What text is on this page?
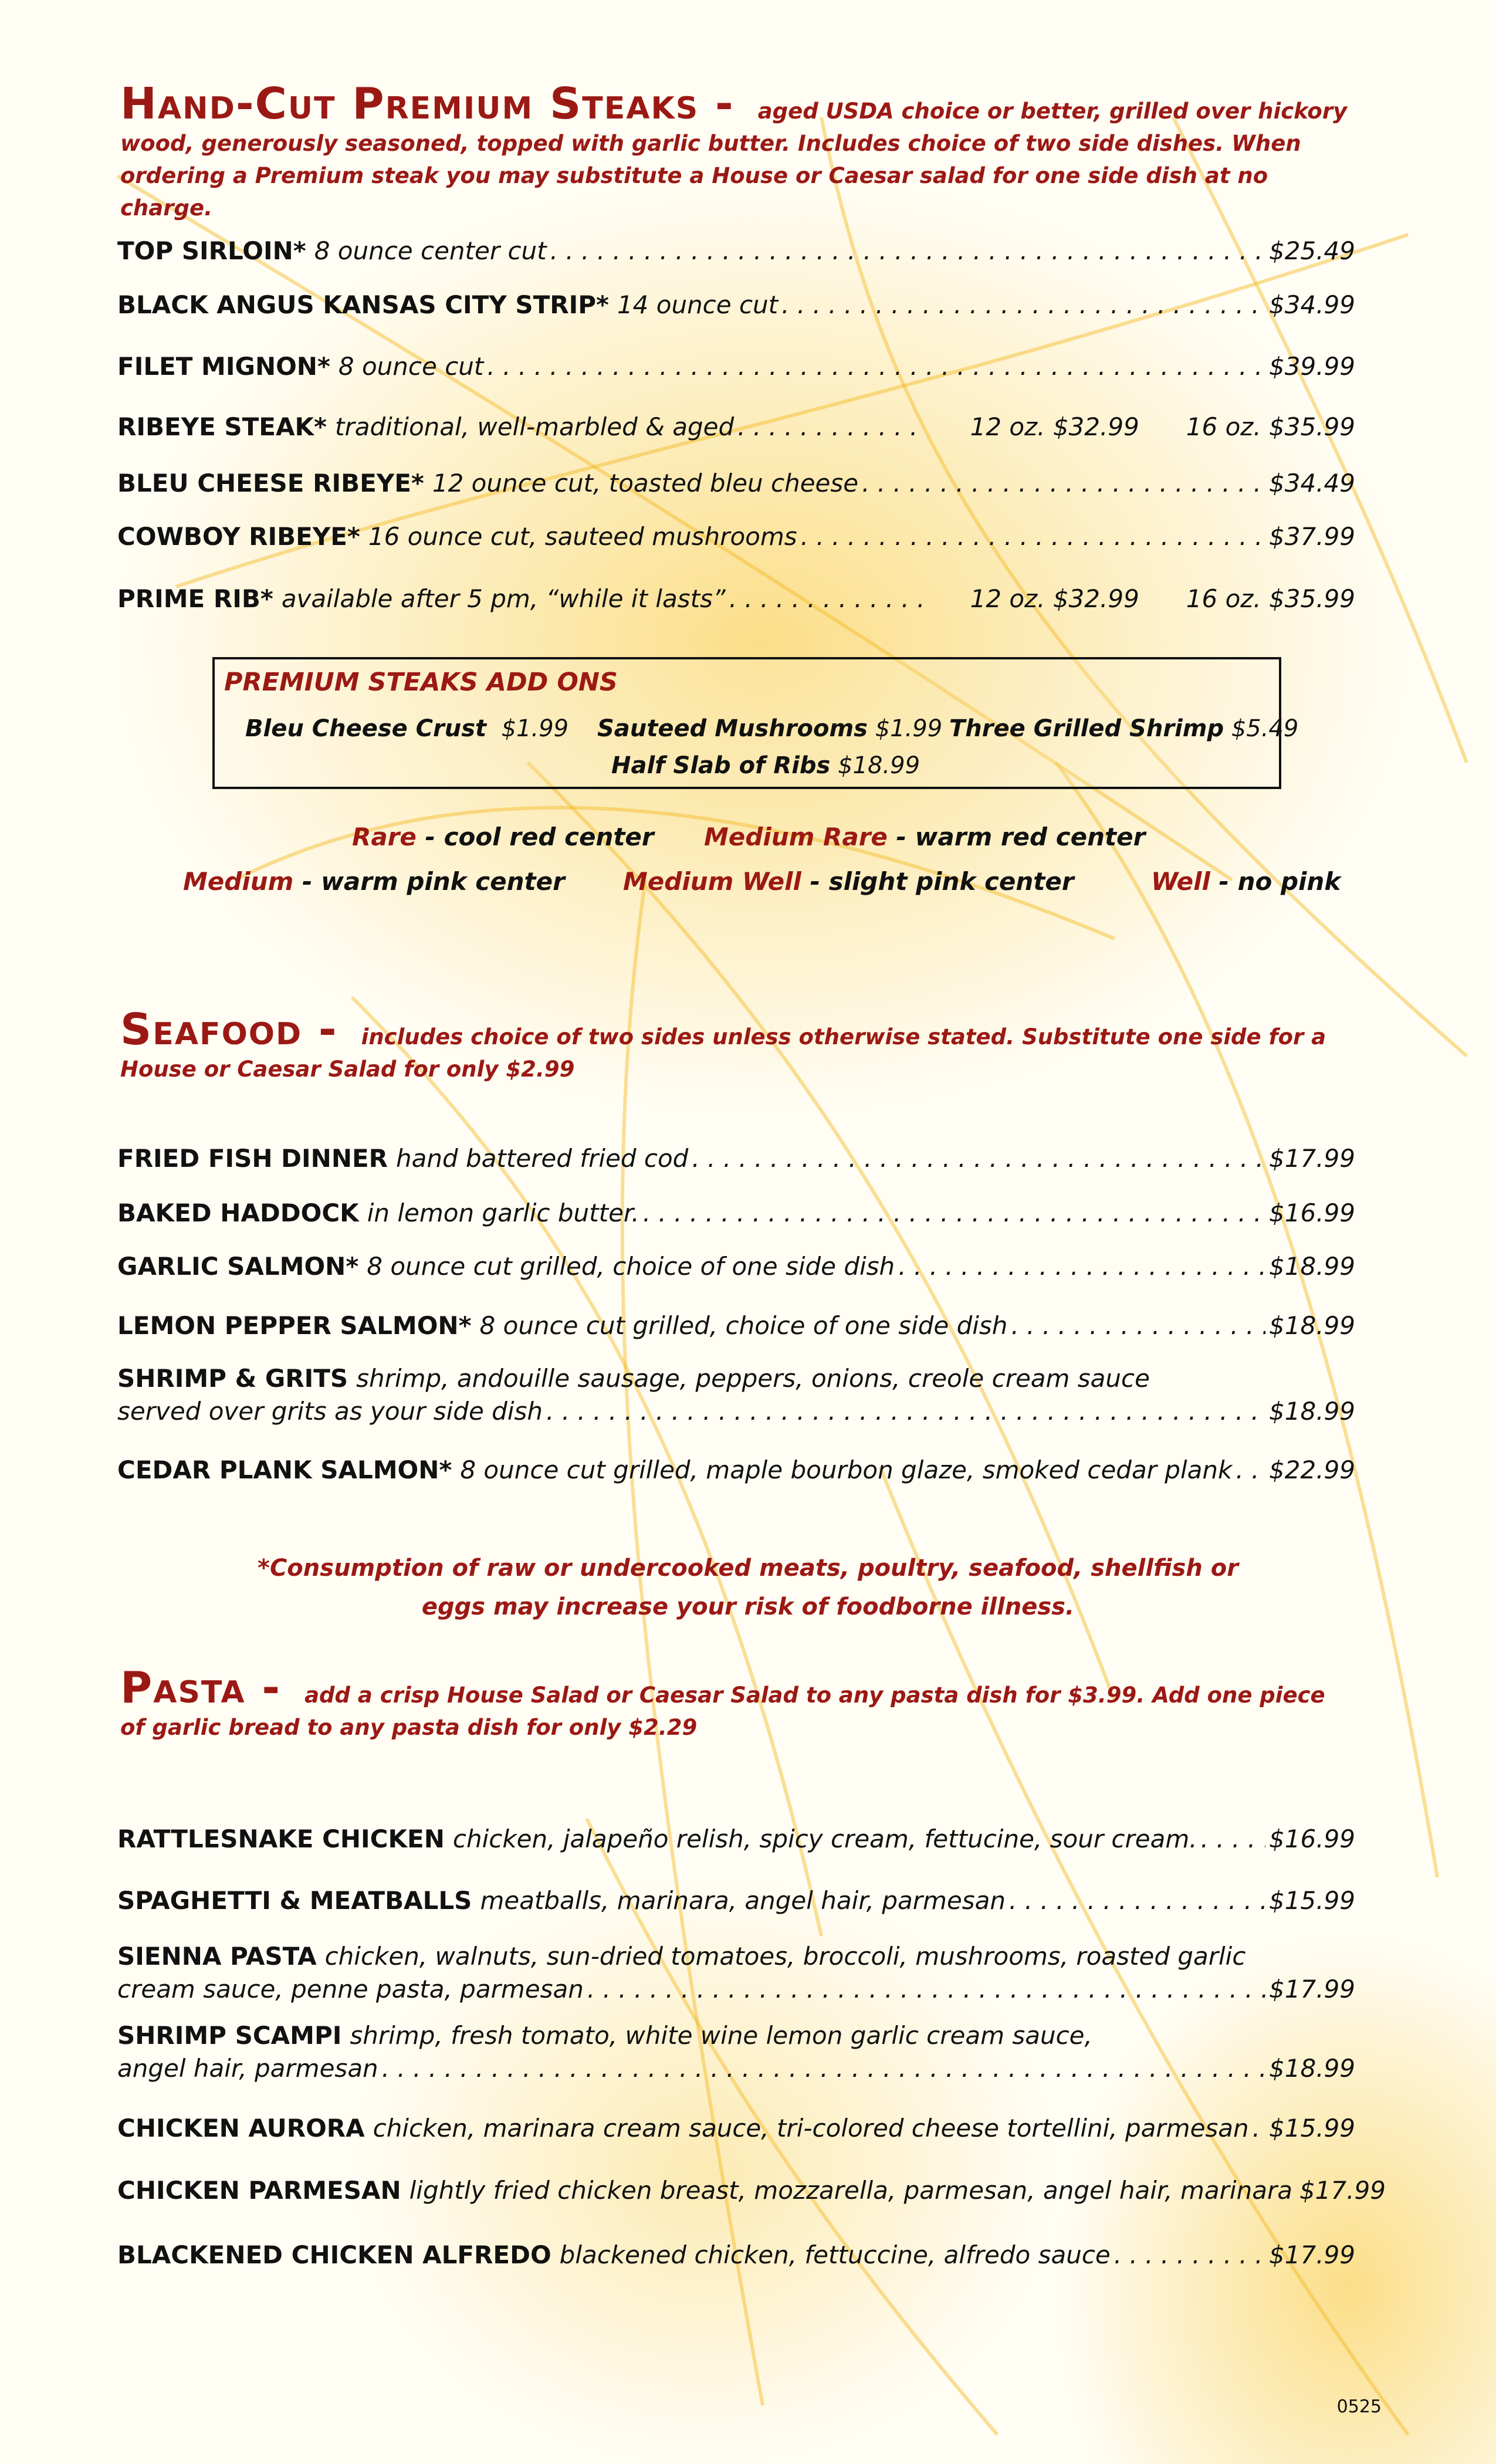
Hand-Cut Premium Steaks - aged USDA choice or better, grilled over hickory wood, generously seasoned, topped with garlic butter. Includes choice of two side dishes. When ordering a Premium steak you may substitute a House or Caesar salad for one side dish at no charge.
TOP SIRLOIN* 8 ounce center cut . . .	$25.49
BLACK ANGUS KANSAS CITY STRIP* 14 ounce cut . . .	$34.99
FILET MIGNON* 8 ounce cut . . .	$39.99
RIBEYE STEAK* traditional, well-marbled & aged . . .	12 oz. $32.99 16 oz. $35.99
BLEU CHEESE RIBEYE* 12 ounce cut, toasted bleu cheese . . .	$34.49
COWBOY RIBEYE* 16 ounce cut, sauteed mushrooms . . .	$37.99
PRIME RIB* available after 5 pm, “while it lasts” . . .	12 oz. $32.99 16 oz. $35.99
PREMIUM STEAKS ADD ONS
Bleu Cheese Crust $1.99 Sauteed Mushrooms $1.99 Three Grilled Shrimp $5.49
Half Slab of Ribs $18.99
Rare - cool red center Medium Rare - warm red center
Medium - warm pink center Medium Well - slight pink center	Well - no pink
Seafood - includes choice of two sides unless otherwise stated. Substitute one side for a House or Caesar Salad for only $2.99
FRIED FISH DINNER hand battered fried cod . . .	$17.99
BAKED HADDOCK in lemon garlic butter. . . .	$16.99
GARLIC SALMON* 8 ounce cut grilled, choice of one side dish . . .	$18.99
LEMON PEPPER SALMON* 8 ounce cut grilled, choice of one side dish . . .	$18.99
SHRIMP & GRITS shrimp, andouille sausage, peppers, onions, creole cream sauce
served over grits as your side dish . . .	$18.99
CEDAR PLANK SALMON* 8 ounce cut grilled, maple bourbon glaze, smoked cedar plank . . . $22.99
*Consumption of raw or undercooked meats, poultry, seafood, shellfish or eggs may increase your risk of foodborne illness.
Pasta - add a crisp House Salad or Caesar Salad to any pasta dish for $3.99. Add one piece of garlic bread to any pasta dish for only $2.29
RATTLESNAKE CHICKEN chicken, jalapeño relish, spicy cream, fettucine, sour cream. . . .	$16.99
SPAGHETTI & MEATBALLS meatballs, marinara, angel hair, parmesan . . .	$15.99
SIENNA PASTA chicken, walnuts, sun-dried tomatoes, broccoli, mushrooms, roasted garlic
cream sauce, penne pasta, parmesan . . .	$17.99
SHRIMP SCAMPI shrimp, fresh tomato, white wine lemon garlic cream sauce,
angel hair, parmesan . . .	$18.99
CHICKEN AURORA chicken, marinara cream sauce, tri-colored cheese tortellini, parmesan . . . $15.99
CHICKEN PARMESAN lightly fried chicken breast, mozzarella, parmesan, angel hair, marinara $17.99
BLACKENED CHICKEN ALFREDO blackened chicken, fettuccine, alfredo sauce . . .	$17.99
0525
